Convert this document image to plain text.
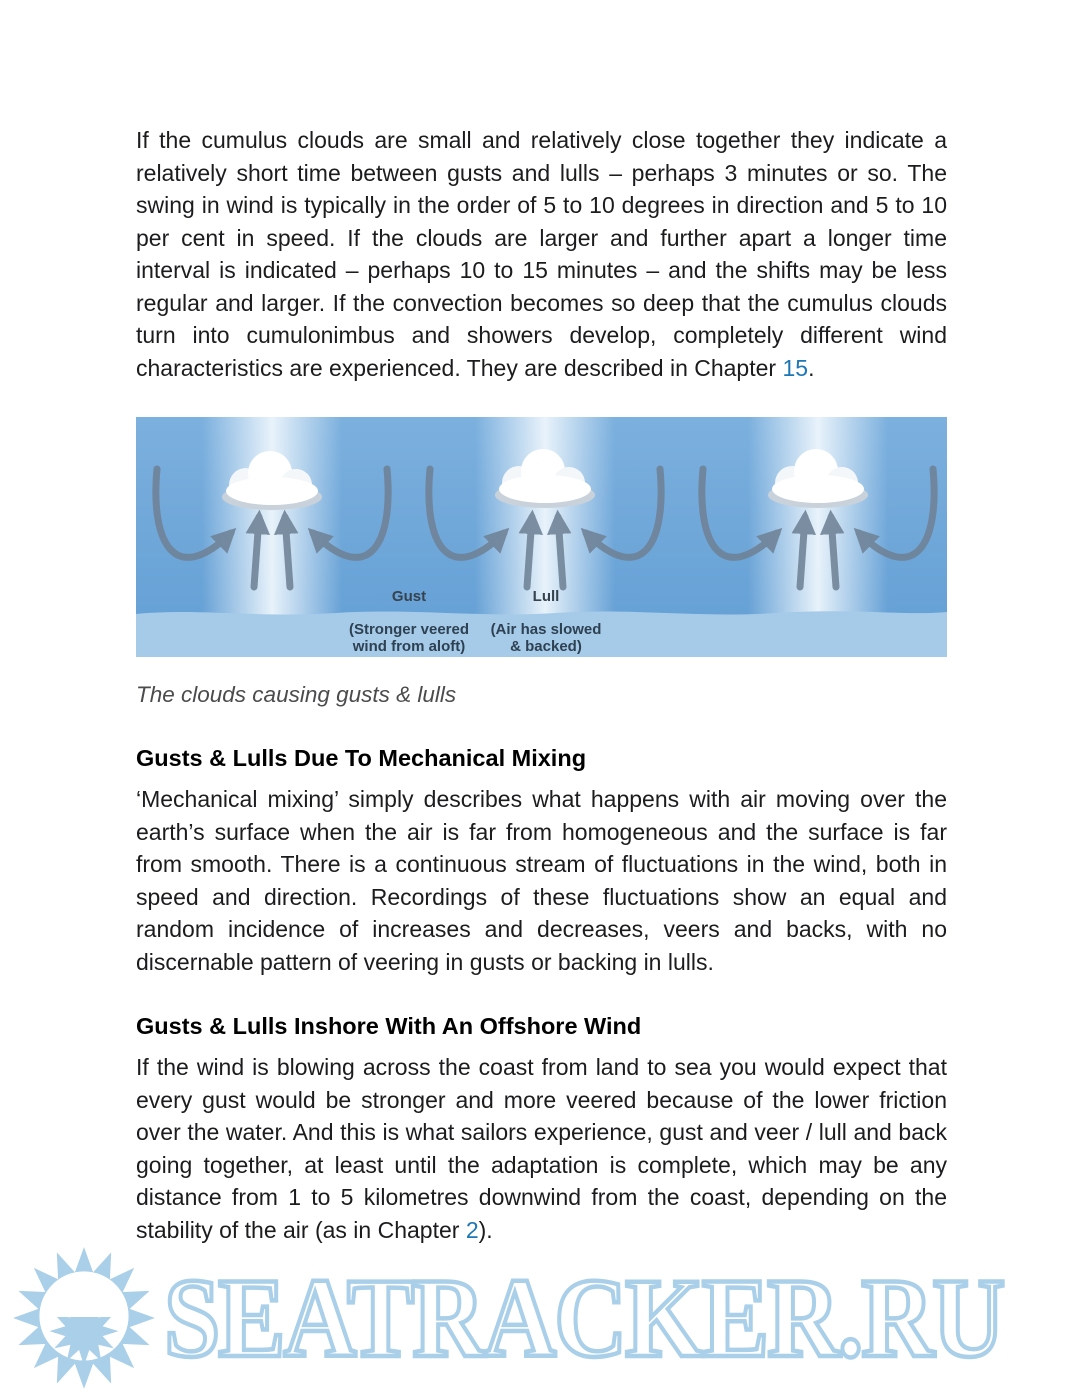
If the cumulus clouds are small and relatively close together they indicate a relatively short time between gusts and lulls – perhaps 3 minutes or so. The swing in wind is typically in the order of 5 to 10 degrees in direction and 5 to 10 per cent in speed. If the clouds are larger and further apart a longer time interval is indicated – perhaps 10 to 15 minutes – and the shifts may be less regular and larger. If the convection becomes so deep that the cumulus clouds turn into cumulonimbus and showers develop, completely different wind characteristics are experienced. They are described in Chapter 15.

Gust	Lull
(Stronger veered
wind from aloft)
(Air has slowed
& backed)
The clouds causing gusts & lulls
Gusts & Lulls Due To Mechanical Mixing

‘Mechanical mixing’ simply describes what happens with air moving over the earth’s surface when the air is far from homogeneous and the surface is far from smooth. There is a continuous stream of fluctuations in the wind, both in speed and direction. Recordings of these fluctuations show an equal and random incidence of increases and decreases, veers and backs, with no discernable pattern of veering in gusts or backing in lulls.

Gusts & Lulls Inshore With An Offshore Wind

If the wind is blowing across the coast from land to sea you would expect that every gust would be stronger and more veered because of the lower friction over the water. And this is what sailors experience, gust and veer / lull and back going together, at least until the adaptation is complete, which may be any distance from 1 to 5 kilometres downwind from the coast, depending on the stability of the air (as in Chapter 2).

SEATRACKER.RU
